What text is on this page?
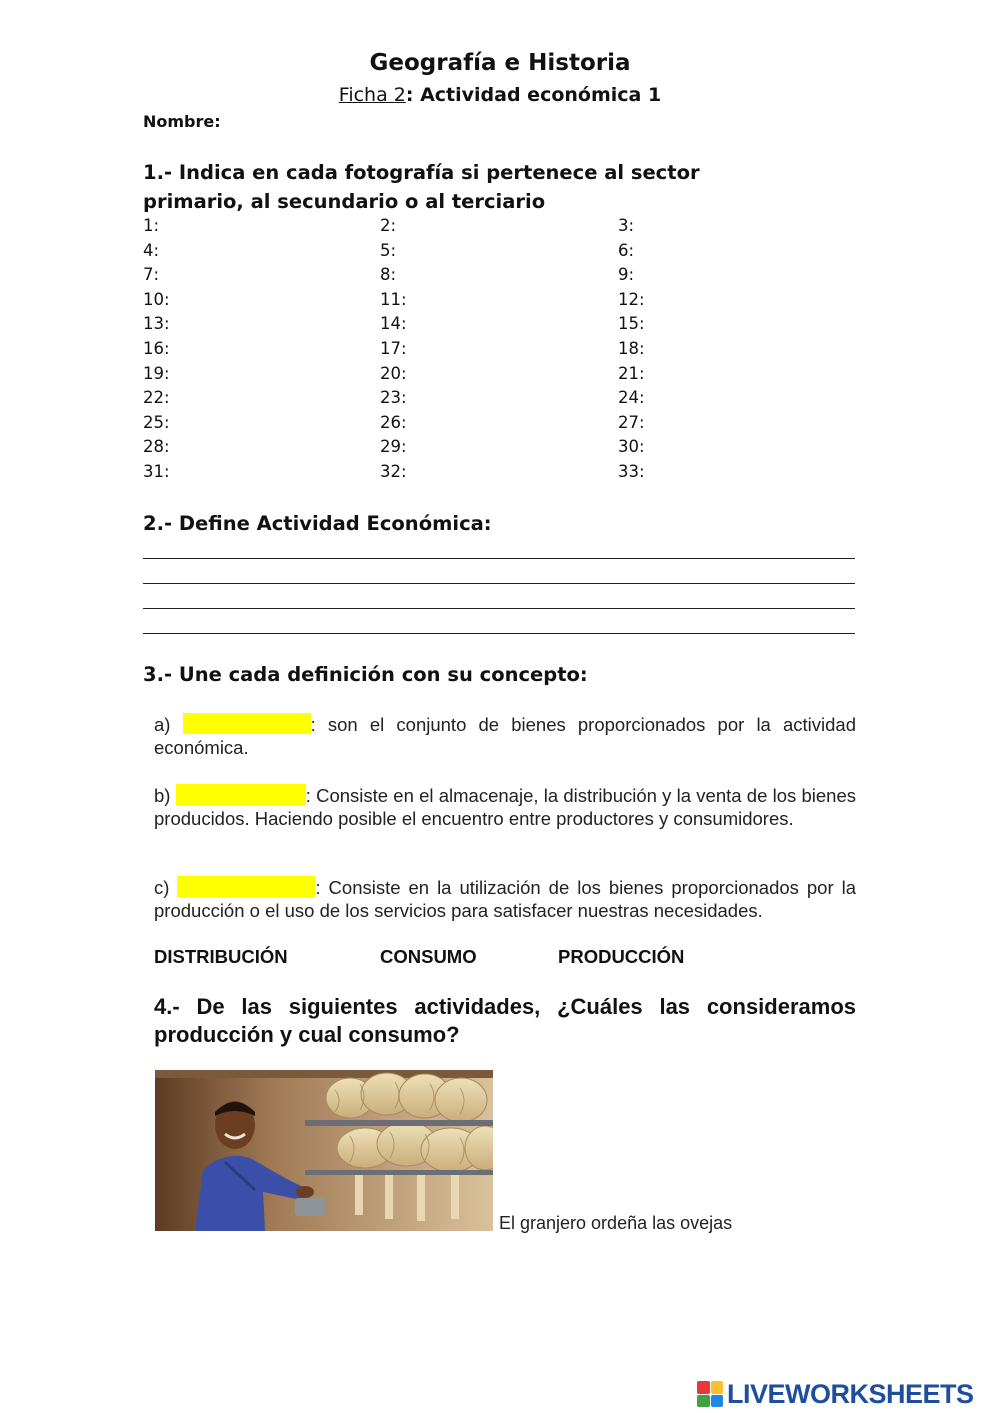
Geografía e Historia
Ficha 2: Actividad económica 1
Nombre:
1.- Indica en cada fotografía si pertenece al sector primario, al secundario o al terciario
1:	2:	3:
4:	5:	6:
7:	8:	9:
10:	11:	12:
13:	14:	15:
16:	17:	18:
19:	20:	21:
22:	23:	24:
25:	26:	27:
28:	29:	30:
31:	32:	33:
2.- Define Actividad Económica:
3.- Une cada definición con su concepto:
a)	: son el conjunto de bienes proporcionados por la actividad económica.
b)	: Consiste en el almacenaje, la distribución y la venta de los bienes producidos. Haciendo posible el encuentro entre productores y consumidores.
c)	: Consiste en la utilización de los bienes proporcionados por la producción o el uso de los servicios para satisfacer nuestras necesidades.
DISTRIBUCIÓN	CONSUMO	PRODUCCIÓN
4.- De las siguientes actividades, ¿Cuáles las consideramos producción y cual consumo?
El granjero ordeña las ovejas
LIVEWORKSHEETS
